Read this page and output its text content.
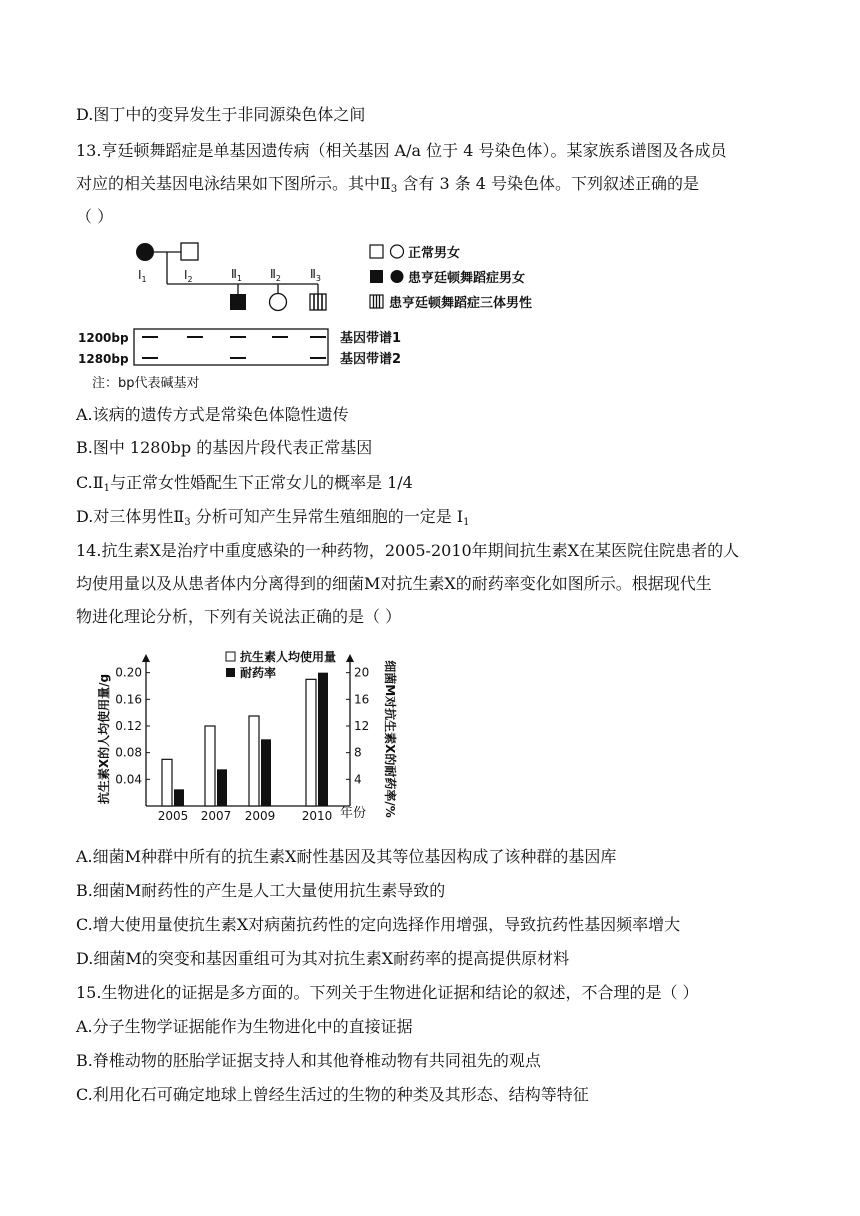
D.图丁中的变异发生于非同源染色体之间
13.亨廷顿舞蹈症是单基因遗传病（相关基因 A/a 位于 4 号染色体）。某家族系谱图及各成员
对应的相关基因电泳结果如下图所示。其中$Ⅱ_3$ 含有 3 条 4 号染色体。下列叙述正确的是
（ ）
$I_1$	$I_2$	$Ⅱ_1$ $Ⅱ_2$ $Ⅱ_3$
正常男女
患亨廷顿舞蹈症男女
患亨廷顿舞蹈症三体男性
1200bp
1280bp
基因带谱1
基因带谱2
注：bp代表碱基对
A.该病的遗传方式是常染色体隐性遗传
B.图中 1280bp 的基因片段代表正常基因
$C.Ⅱ_1$与正常女性婚配生下正常女儿的概率是 1/4
D.对三体男性$Ⅱ_3$ 分析可知产生异常生殖细胞的一定是 $I_1$
14.抗生素X是治疗中重度感染的一种药物，2005-2010年期间抗生素X在某医院住院患者的人
均使用量以及从患者体内分离得到的细菌M对抗生素X的耐药率变化如图所示。根据现代生
物进化理论分析，下列有关说法正确的是（ ）
抗生素X的人均使用量/g	细菌M对抗生素X的耐药率/%
年份
抗生素人均使用量
耐药率
0.04
0.08
0.12
0.16
0.20
4
8
12
16
20
2005 2007 2009 2010
A.细菌M种群中所有的抗生素X耐性基因及其等位基因构成了该种群的基因库
B.细菌M耐药性的产生是人工大量使用抗生素导致的
C.增大使用量使抗生素X对病菌抗药性的定向选择作用增强，导致抗药性基因频率增大
D.细菌M的突变和基因重组可为其对抗生素X耐药率的提高提供原材料
15.生物进化的证据是多方面的。下列关于生物进化证据和结论的叙述，不合理的是（ ）
A.分子生物学证据能作为生物进化中的直接证据
B.脊椎动物的胚胎学证据支持人和其他脊椎动物有共同祖先的观点
C.利用化石可确定地球上曾经生活过的生物的种类及其形态、结构等特征
